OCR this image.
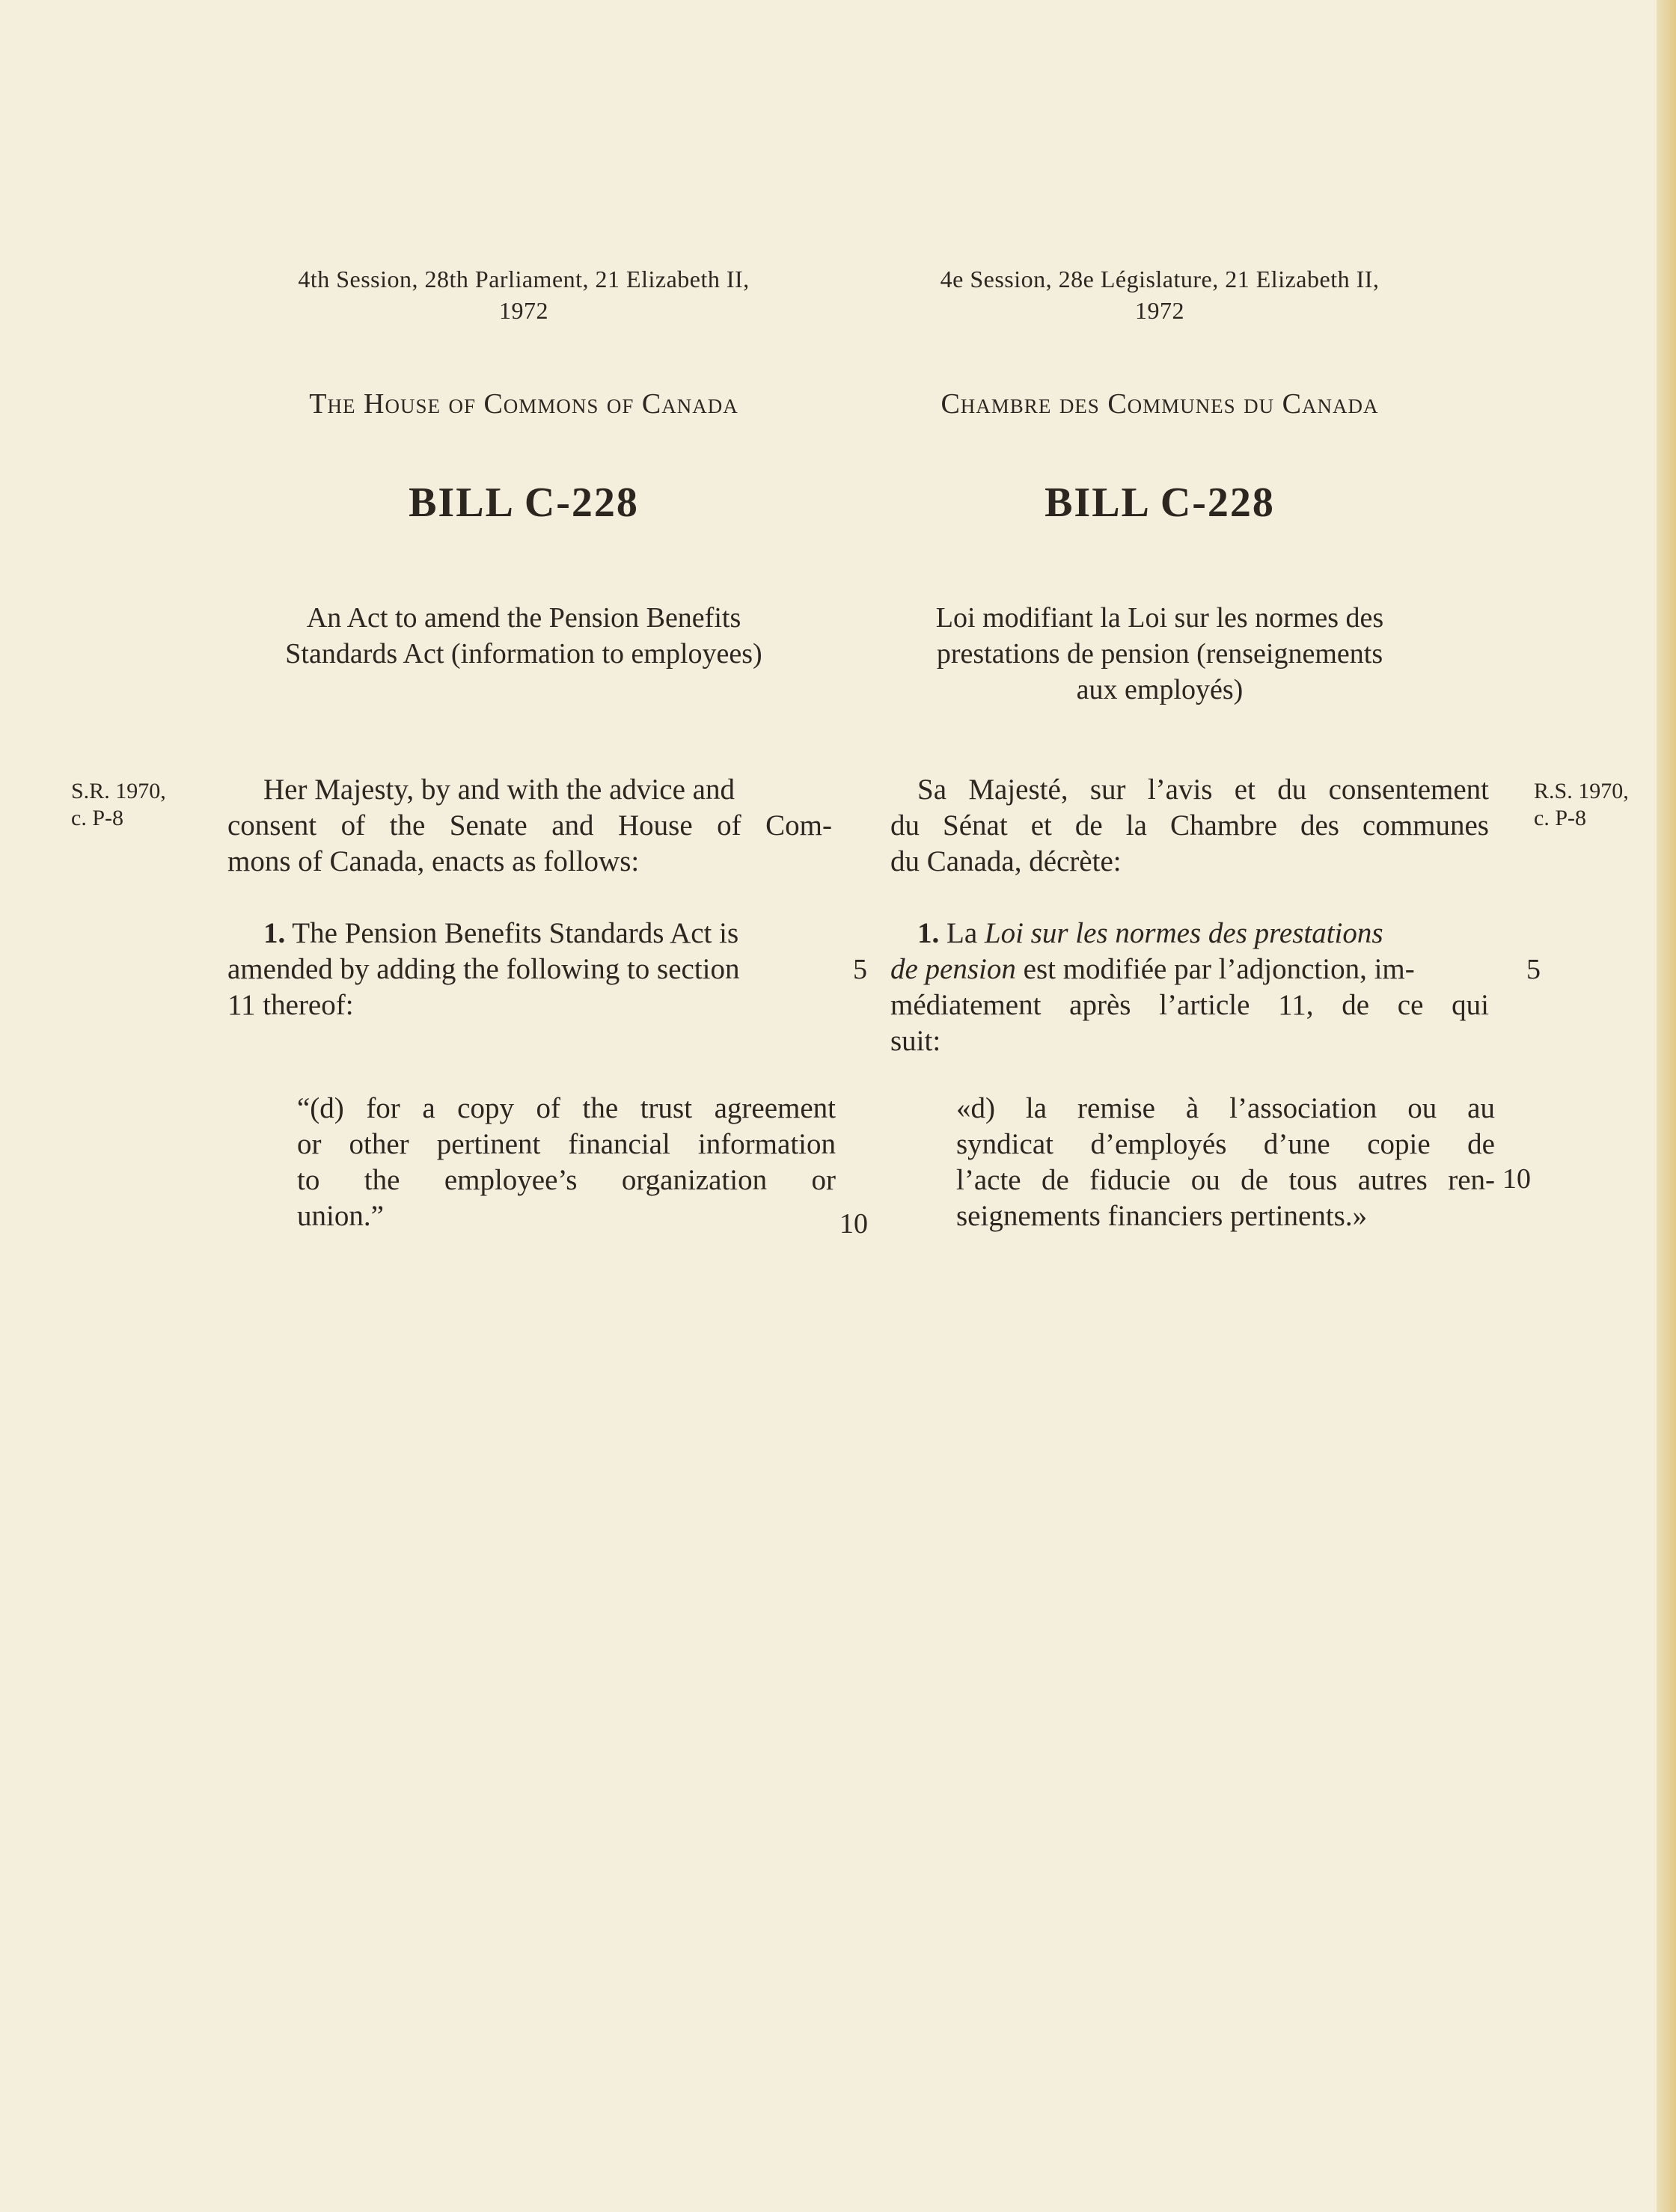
4th Session, 28th Parliament, 21 Elizabeth II,
1972
The House of Commons of Canada
BILL C-228
An Act to amend the Pension Benefits
Standards Act (information to employees)
S.R. 1970,
c. P-8
Her Majesty, by and with the advice and
consent of the Senate and House of Com-
mons of Canada, enacts as follows:
1. The Pension Benefits Standards Act is
amended by adding the following to section
11 thereof:
5
“(d) for a copy of the trust agreement
or other pertinent financial information
to the employee’s organization or
union.”	10
4e Session, 28e Législature, 21 Elizabeth II,
1972
Chambre des Communes du Canada
BILL C-228
Loi modifiant la Loi sur les normes des
prestations de pension (renseignements
aux employés)
Sa Majesté, sur l’avis et du consentement
du Sénat et de la Chambre des communes
du Canada, décrète:
R.S. 1970,
c. P-8
1. La Loi sur les normes des prestations
de pension est modifiée par l’adjonction, im-
médiatement après l’article 11, de ce qui
suit:
5
«d) la remise à l’association ou au
syndicat d’employés d’une copie de
l’acte de fiducie ou de tous autres ren-
seignements financiers pertinents.»
10
